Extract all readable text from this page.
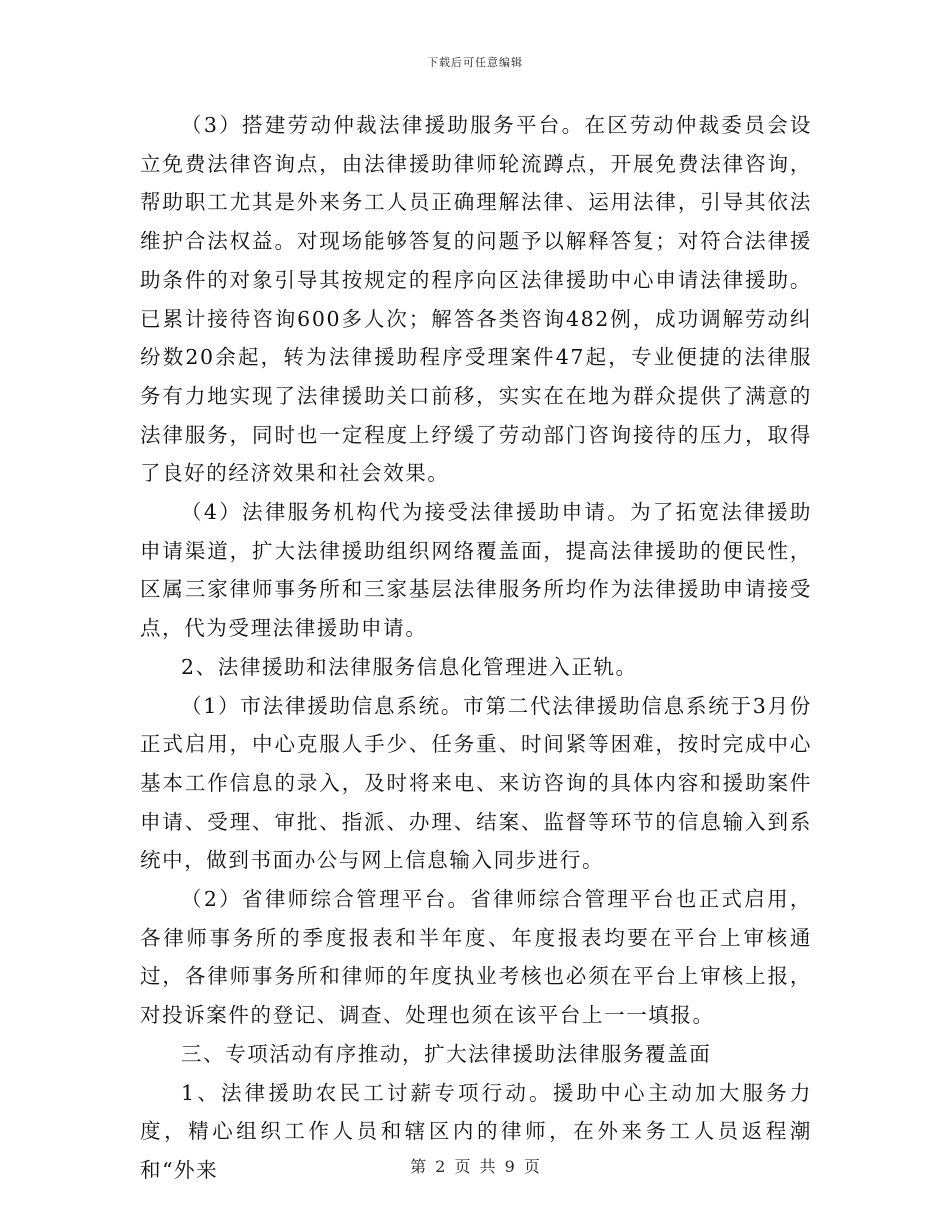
下载后可任意编辑

（3）搭建劳动仲裁法律援助服务平台。在区劳动仲裁委员会设立免费法律咨询点，由法律援助律师轮流蹲点，开展免费法律咨询，帮助职工尤其是外来务工人员正确理解法律、运用法律，引导其依法维护合法权益。对现场能够答复的问题予以解释答复；对符合法律援助条件的对象引导其按规定的程序向区法律援助中心申请法律援助。已累计接待咨询600多人次；解答各类咨询482例，成功调解劳动纠纷数20余起，转为法律援助程序受理案件47起，专业便捷的法律服务有力地实现了法律援助关口前移，实实在在地为群众提供了满意的法律服务，同时也一定程度上纾缓了劳动部门咨询接待的压力，取得了良好的经济效果和社会效果。

（4）法律服务机构代为接受法律援助申请。为了拓宽法律援助申请渠道，扩大法律援助组织网络覆盖面，提高法律援助的便民性，区属三家律师事务所和三家基层法律服务所均作为法律援助申请接受点，代为受理法律援助申请。

2、法律援助和法律服务信息化管理进入正轨。

（1）市法律援助信息系统。市第二代法律援助信息系统于3月份正式启用，中心克服人手少、任务重、时间紧等困难，按时完成中心基本工作信息的录入，及时将来电、来访咨询的具体内容和援助案件申请、受理、审批、指派、办理、结案、监督等环节的信息输入到系统中，做到书面办公与网上信息输入同步进行。

（2）省律师综合管理平台。省律师综合管理平台也正式启用，各律师事务所的季度报表和半年度、年度报表均要在平台上审核通过，各律师事务所和律师的年度执业考核也必须在平台上审核上报，对投诉案件的登记、调查、处理也须在该平台上一一填报。

三、专项活动有序推动，扩大法律援助法律服务覆盖面

1、法律援助农民工讨薪专项行动。援助中心主动加大服务力度，精心组织工作人员和辖区内的律师，在外来务工人员返程潮和“外来	第 2 页 共 9 页
